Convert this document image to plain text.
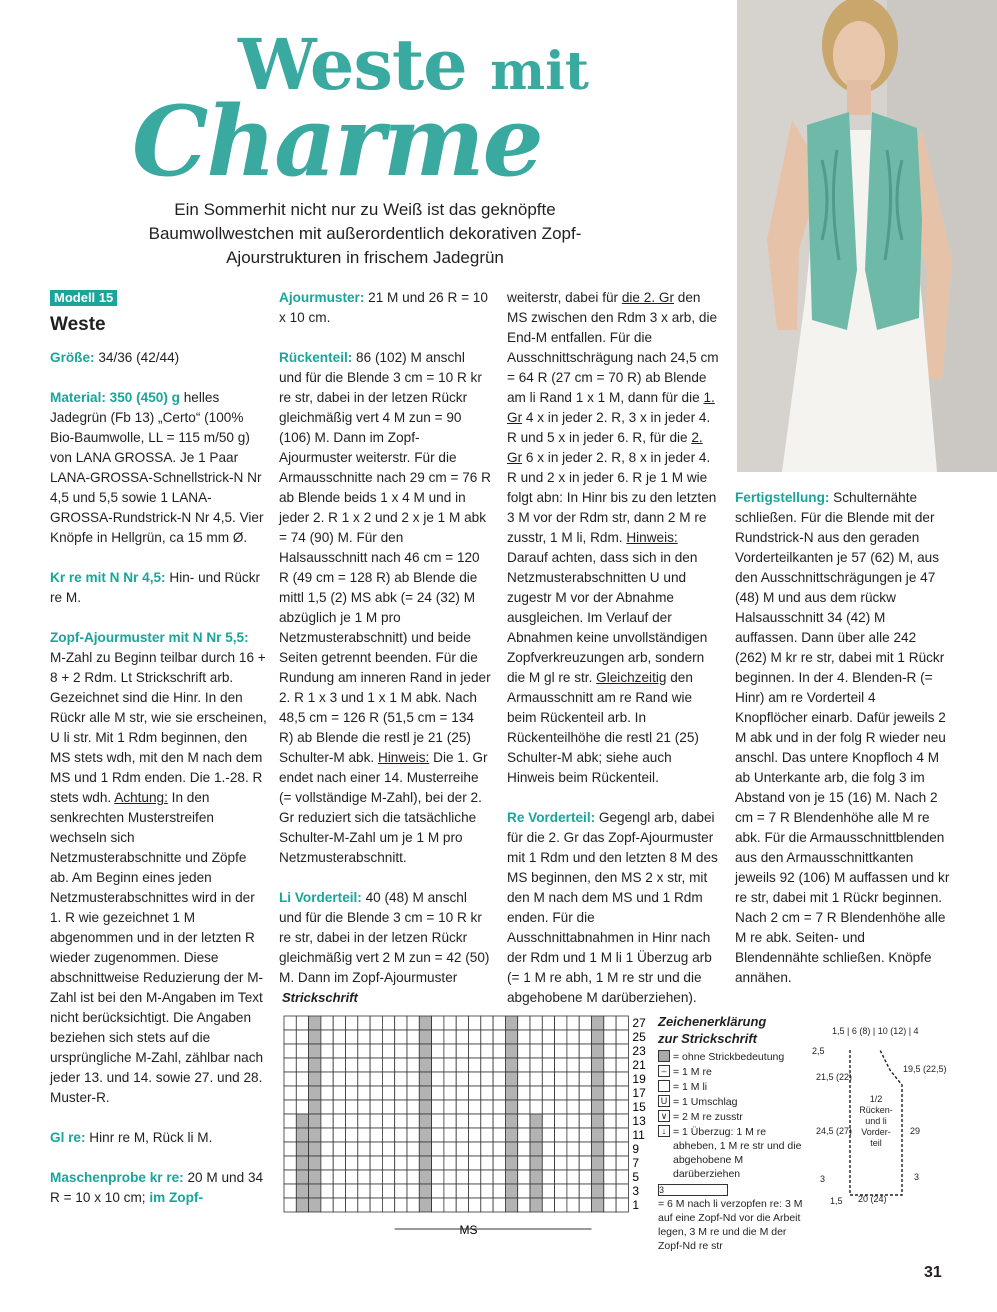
Weste mit
Charme
Ein Sommerhit nicht nur zu Weiß ist das geknöpfte Baumwollwestchen mit außerordentlich dekorativen Zopf-Ajourstrukturen in frischem Jadegrün
Modell 15
Weste

Größe: 34/36 (42/44)

Material: 350 (450) g helles Jadegrün (Fb 13) „Certo“ (100% Bio-Baumwolle, LL = 115 m/50 g) von LANA GROSSA. Je 1 Paar LANA-GROSSA-Schnellstrick-N Nr 4,5 und 5,5 sowie 1 LANA-GROSSA-Rundstrick-N Nr 4,5. Vier Knöpfe in Hellgrün, ca 15 mm Ø.

Kr re mit N Nr 4,5: Hin- und Rückr re M.

Zopf-Ajourmuster mit N Nr 5,5: M-Zahl zu Beginn teilbar durch 16 + 8 + 2 Rdm. Lt Strickschrift arb. Gezeichnet sind die Hinr. In den Rückr alle M str, wie sie erscheinen, U li str. Mit 1 Rdm beginnen, den MS stets wdh, mit den M nach dem MS und 1 Rdm enden. Die 1.-28. R stets wdh. Achtung: In den senkrechten Musterstreifen wechseln sich Netzmusterabschnitte und Zöpfe ab. Am Beginn eines jeden Netzmusterabschnittes wird in der 1. R wie gezeichnet 1 M abgenommen und in der letzten R wieder zugenommen. Diese abschnittweise Reduzierung der M-Zahl ist bei den M-Angaben im Text nicht berücksichtigt. Die Angaben beziehen sich stets auf die ursprüngliche M-Zahl, zählbar nach jeder 13. und 14. sowie 27. und 28. Muster-R.

Gl re: Hinr re M, Rück li M.

Maschenprobe kr re: 20 M und 34 R = 10 x 10 cm; im Zopf-

Ajourmuster: 21 M und 26 R = 10 x 10 cm.

Rückenteil: 86 (102) M anschl und für die Blende 3 cm = 10 R kr re str, dabei in der letzen Rückr gleichmäßig vert 4 M zun = 90 (106) M. Dann im Zopf-Ajourmuster weiterstr. Für die Armausschnitte nach 29 cm = 76 R ab Blende beids 1 x 4 M und in jeder 2. R 1 x 2 und 2 x je 1 M abk = 74 (90) M. Für den Halsausschnitt nach 46 cm = 120 R (49 cm = 128 R) ab Blende die mittl 1,5 (2) MS abk (= 24 (32) M abzüglich je 1 M pro Netzmusterabschnitt) und beide Seiten getrennt beenden. Für die Rundung am inneren Rand in jeder 2. R 1 x 3 und 1 x 1 M abk. Nach 48,5 cm = 126 R (51,5 cm = 134 R) ab Blende die restl je 21 (25) Schulter-M abk. Hinweis: Die 1. Gr endet nach einer 14. Musterreihe (= vollständige M-Zahl), bei der 2. Gr reduziert sich die tatsächliche Schulter-M-Zahl um je 1 M pro Netzmusterabschnitt.

Li Vorderteil: 40 (48) M anschl und für die Blende 3 cm = 10 R kr re str, dabei in der letzen Rückr gleichmäßig vert 2 M zun = 42 (50) M. Dann im Zopf-Ajourmuster

weiterstr, dabei für die 2. Gr den MS zwischen den Rdm 3 x arb, die End-M entfallen. Für die Ausschnittschrägung nach 24,5 cm = 64 R (27 cm = 70 R) ab Blende am li Rand 1 x 1 M, dann für die 1. Gr 4 x in jeder 2. R, 3 x in jeder 4. R und 5 x in jeder 6. R, für die 2. Gr 6 x in jeder 2. R, 8 x in jeder 4. R und 2 x in jeder 6. R je 1 M wie folgt abn: In Hinr bis zu den letzten 3 M vor der Rdm str, dann 2 M re zusstr, 1 M li, Rdm. Hinweis: Darauf achten, dass sich in den Netzmusterabschnitten U und zugestr M vor der Abnahme ausgleichen. Im Verlauf der Abnahmen keine unvollständigen Zopfverkreuzungen arb, sondern die M gl re str. Gleichzeitig den Armausschnitt am re Rand wie beim Rückenteil arb. In Rückenteilhöhe die restl 21 (25) Schulter-M abk; siehe auch Hinweis beim Rückenteil.

Re Vorderteil: Gegengl arb, dabei für die 2. Gr das Zopf-Ajourmuster mit 1 Rdm und den letzten 8 M des MS beginnen, den MS 2 x str, mit den M nach dem MS und 1 Rdm enden. Für die Ausschnittabnahmen in Hinr nach der Rdm und 1 M li 1 Überzug arb (= 1 M re abh, 1 M re str und die abgehobene M darüberziehen).

Fertigstellung: Schulternähte schließen. Für die Blende mit der Rundstrick-N aus den geraden Vorderteilkanten je 57 (62) M, aus den Ausschnittschrägungen je 47 (48) M und aus dem rückw Halsausschnitt 34 (42) M auffassen. Dann über alle 242 (262) M kr re str, dabei mit 1 Rückr beginnen. In der 4. Blenden-R (= Hinr) am re Vorderteil 4 Knopflöcher einarb. Dafür jeweils 2 M abk und in der folg R wieder neu anschl. Das untere Knopfloch 4 M ab Unterkante arb, die folg 3 im Abstand von je 15 (16) M. Nach 2 cm = 7 R Blendenhöhe alle M re abk. Für die Armausschnittblenden aus den Armausschnittkanten jeweils 92 (106) M auffassen und kr re str, dabei mit 1 Rückr beginnen. Nach 2 cm = 7 R Blendenhöhe alle M re abk. Seiten- und Blendennähte schließen. Knöpfe annähen.

Strickschrift
27
25
23
21
19
17
15
13
11
9
7
5
3
1
MS
Zeichenerklärung
zur Strickschrift
= ohne Strickbedeutung
– = 1 M re
= 1 M li
U = 1 Umschlag
∨ = 2 M re zusstr
↓ = 1 Überzug: 1 M re abheben, 1 M re str und die abgehobene M darüberziehen
3
= 6 M nach li verzopfen re: 3 M auf eine Zopf-Nd vor die Arbeit legen, 3 M re und die M der Zopf-Nd re str
1,5 | 6 (8) | 10 (12) | 4
1/2 Rücken-und li Vorder-teil
2,5
21,5 (22)
24,5 (27)
3
1,5
19,5 (22,5)
29
3
20 (24)
31
